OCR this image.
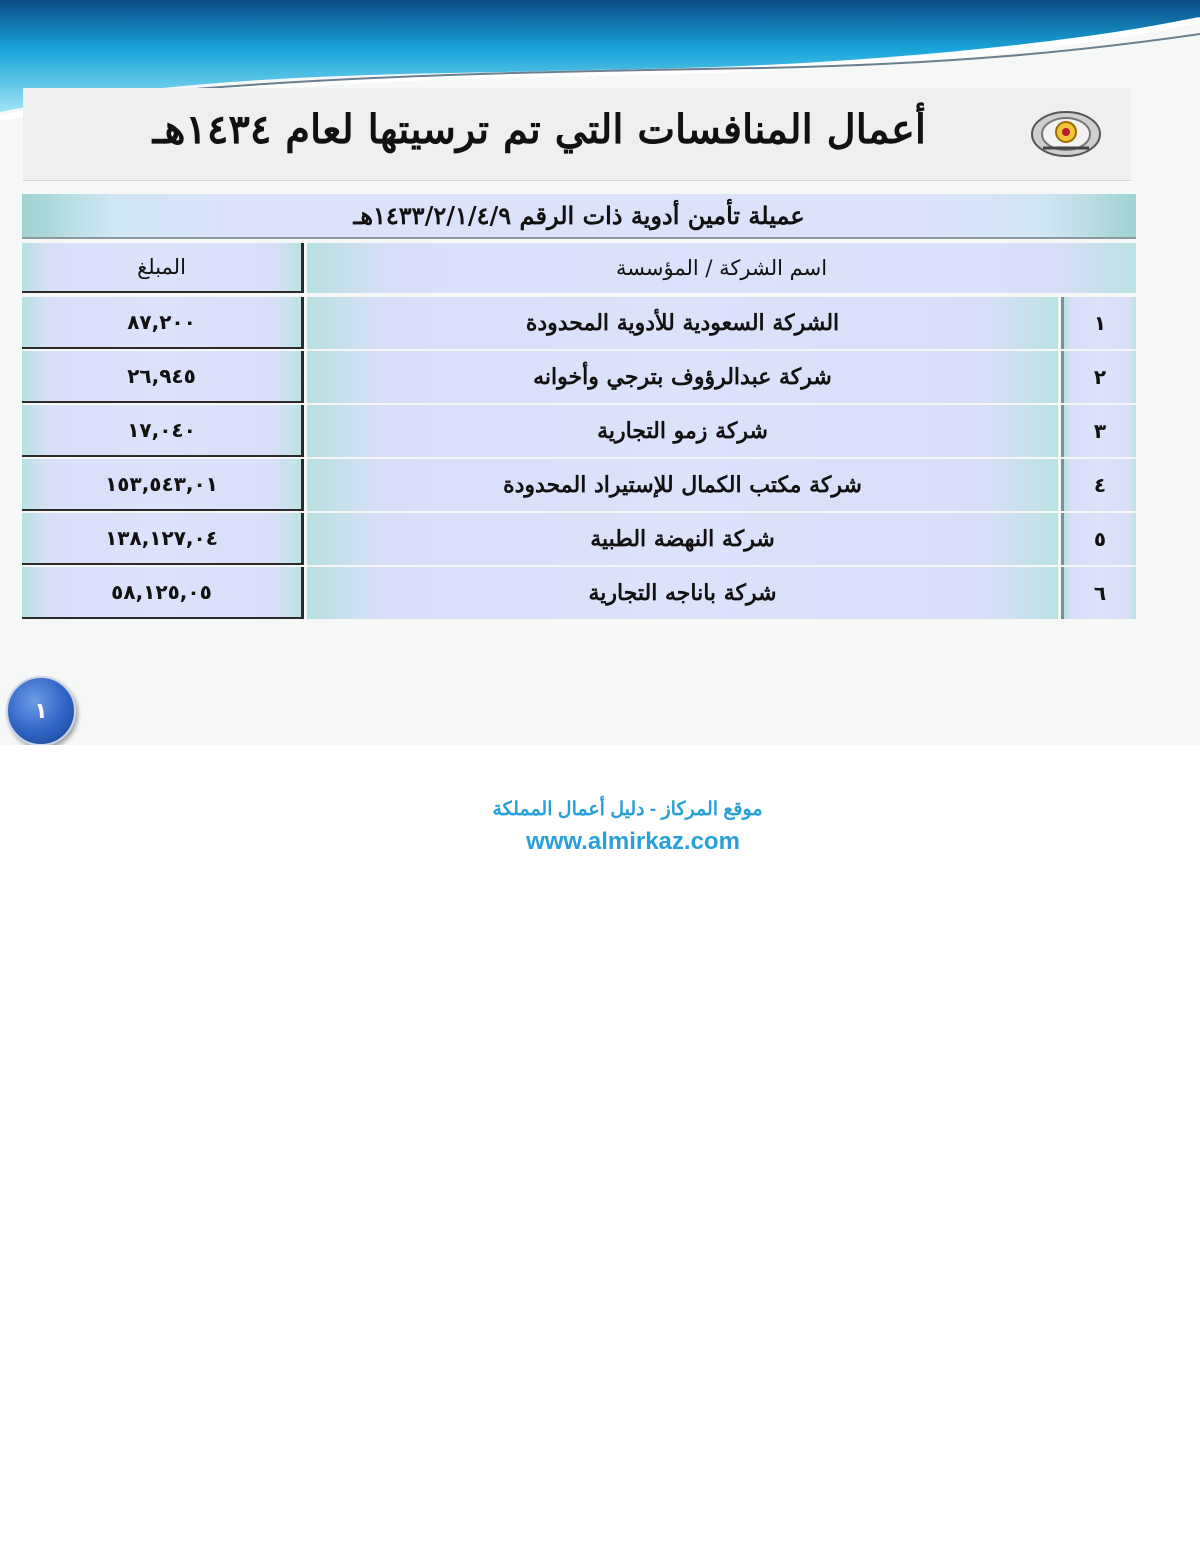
أعمال المنافسات التي تم ترسيتها لعام ١٤٣٤هـ
عميلة تأمين أدوية ذات الرقم ١٤٣٣/٢/١/٤/٩هـ
المبلغ	اسم الشركة / المؤسسة
٨٧,٢٠٠	الشركة السعودية للأدوية المحدودة	١
٢٦,٩٤٥	شركة عبدالرؤوف بترجي وأخوانه	٢
١٧,٠٤٠	شركة زمو التجارية	٣
١٥٣,٥٤٣,٠١	شركة مكتب الكمال للإستيراد المحدودة	٤
١٣٨,١٢٧,٠٤	شركة النهضة الطبية	٥
٥٨,١٢٥,٠٥	شركة باناجه التجارية	٦
١
موقع المركاز - دليل أعمال المملكة
www.almirkaz.com
